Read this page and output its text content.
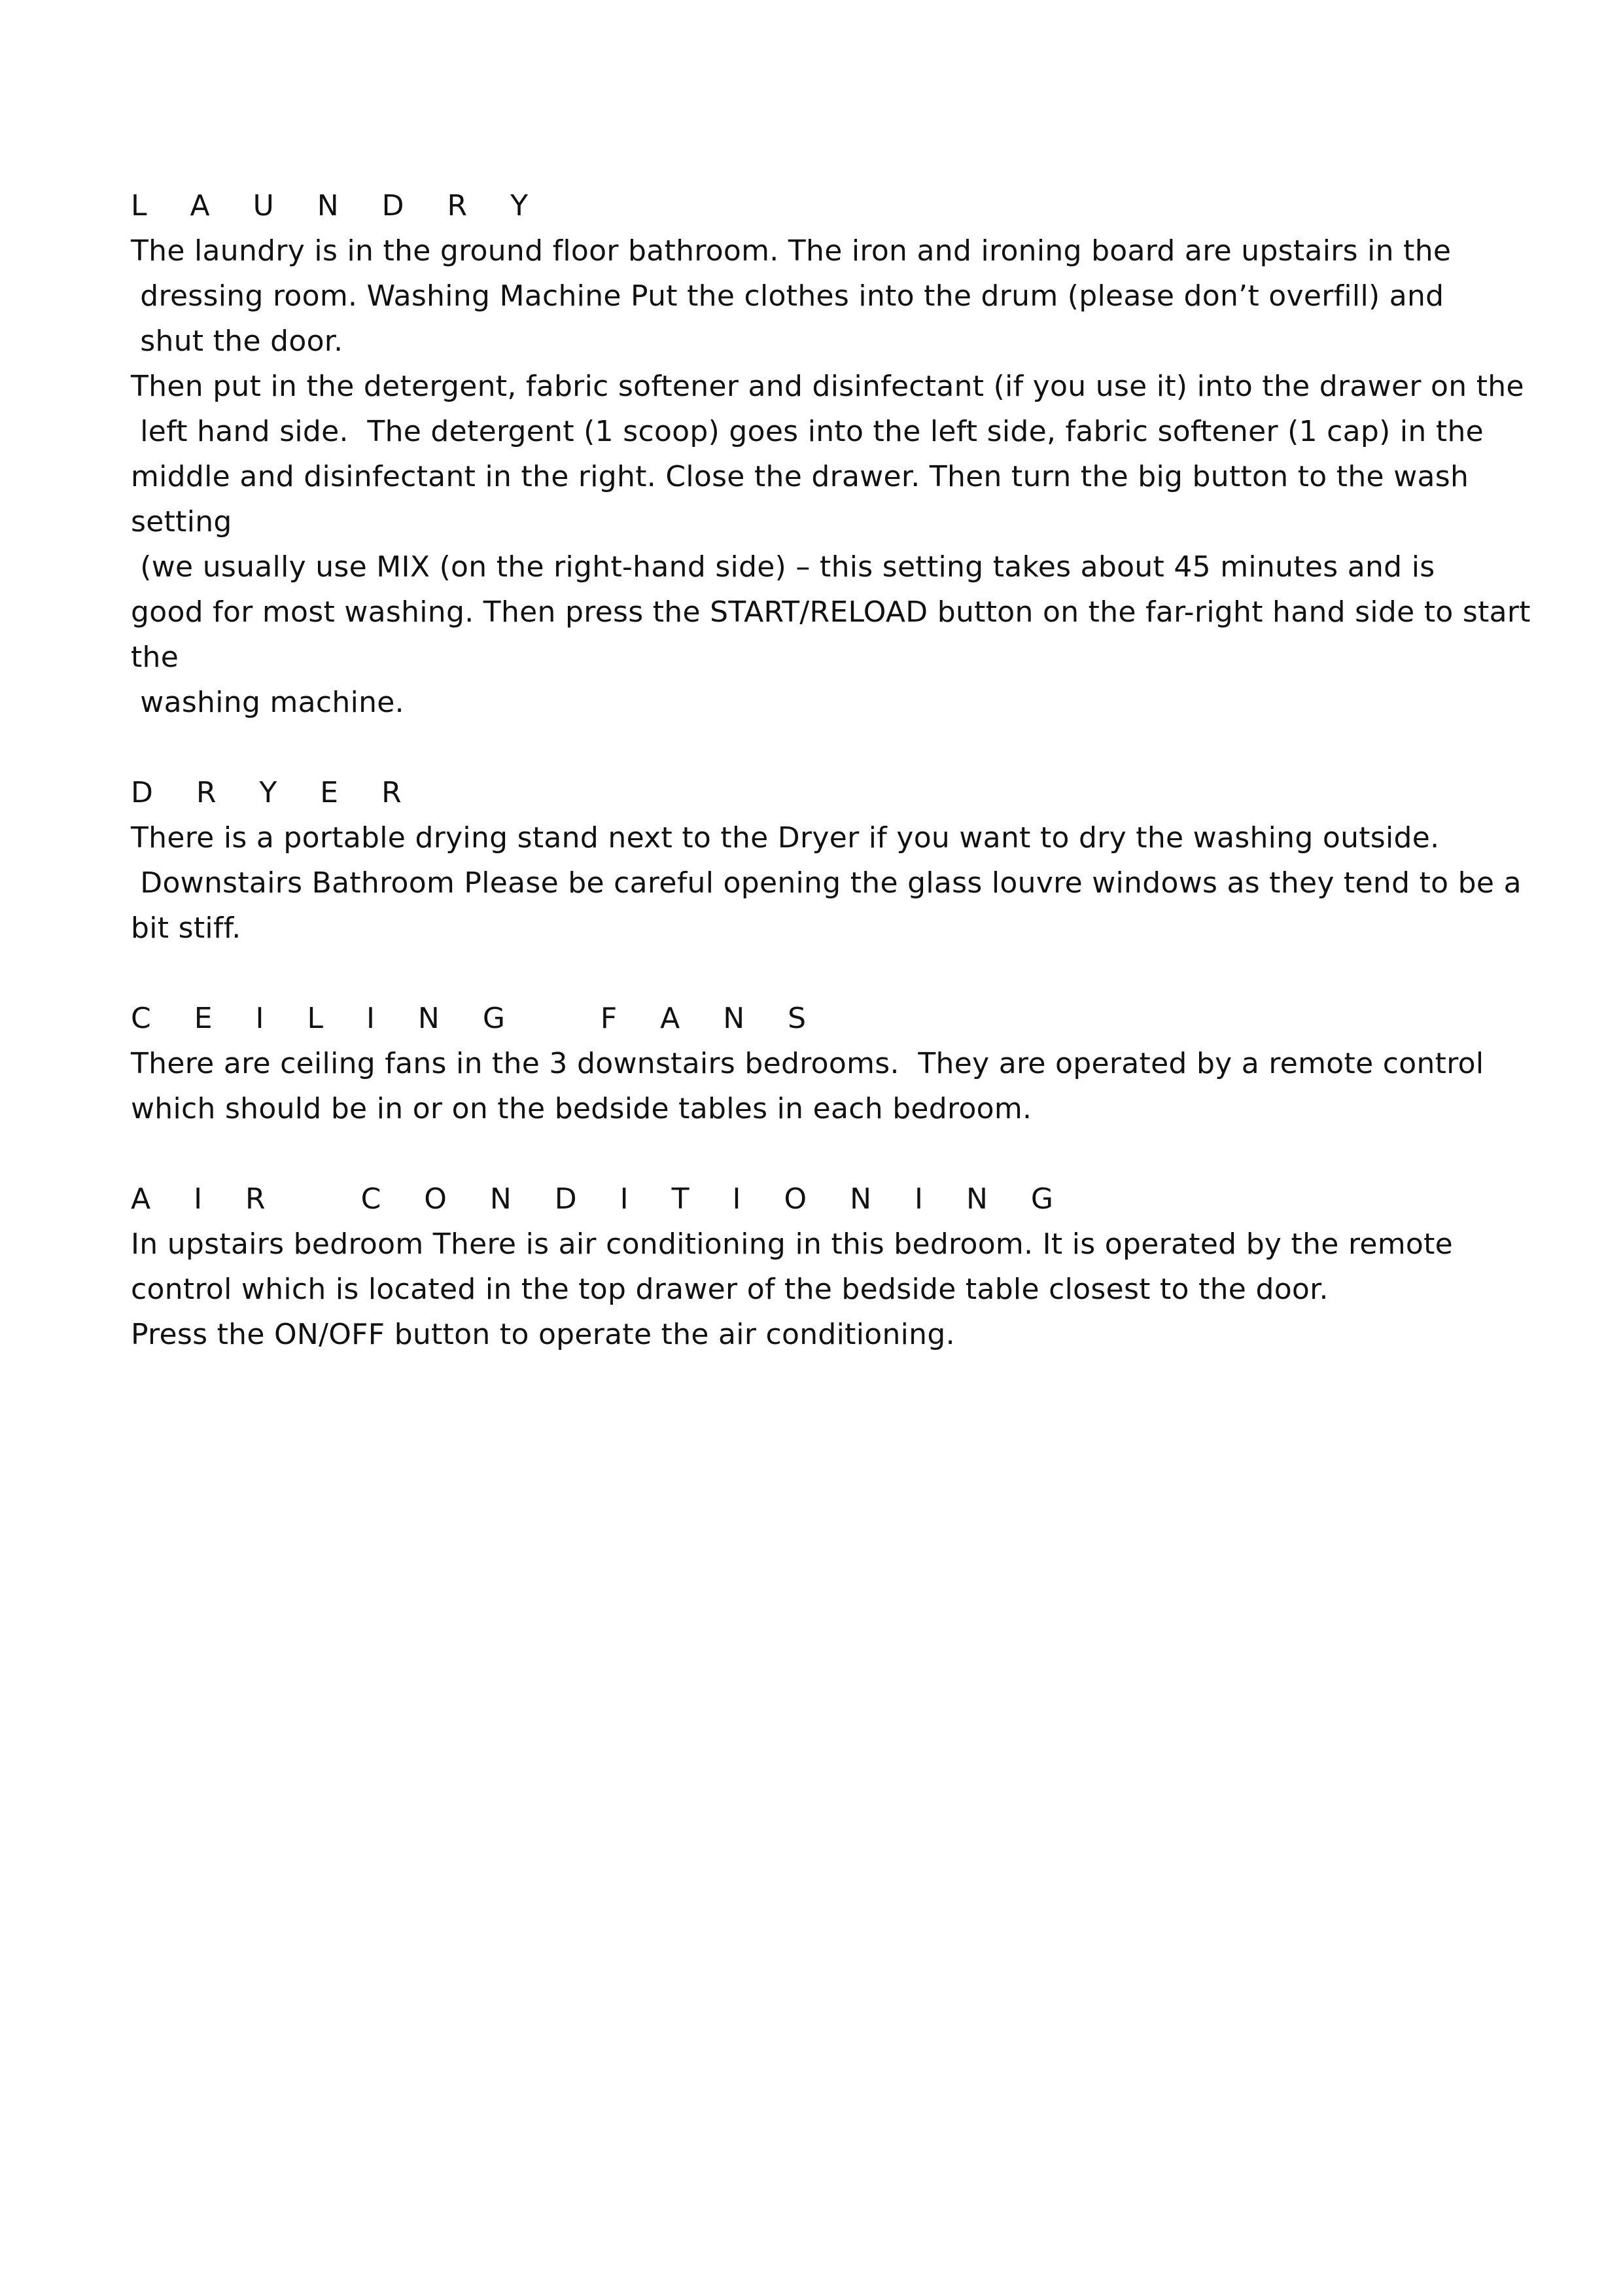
L A U N D R Y
The laundry is in the ground floor bathroom. The iron and ironing board are upstairs in the
dressing room. Washing Machine Put the clothes into the drum (please don’t overfill) and
shut the door.
Then put in the detergent, fabric softener and disinfectant (if you use it) into the drawer on the
left hand side.  The detergent (1 scoop) goes into the left side, fabric softener (1 cap) in the
middle and disinfectant in the right. Close the drawer. Then turn the big button to the wash
setting
(we usually use MIX (on the right-hand side) – this setting takes about 45 minutes and is
good for most washing. Then press the START/RELOAD button on the far-right hand side to start
the
washing machine.
D R Y E R
There is a portable drying stand next to the Dryer if you want to dry the washing outside.
Downstairs Bathroom Please be careful opening the glass louvre windows as they tend to be a
bit stiff.
C E I L I N G   F A N S
There are ceiling fans in the 3 downstairs bedrooms.  They are operated by a remote control
which should be in or on the bedside tables in each bedroom.
A I R   C O N D I T I O N I N G
In upstairs bedroom There is air conditioning in this bedroom. It is operated by the remote
control which is located in the top drawer of the bedside table closest to the door.
Press the ON/OFF button to operate the air conditioning.
